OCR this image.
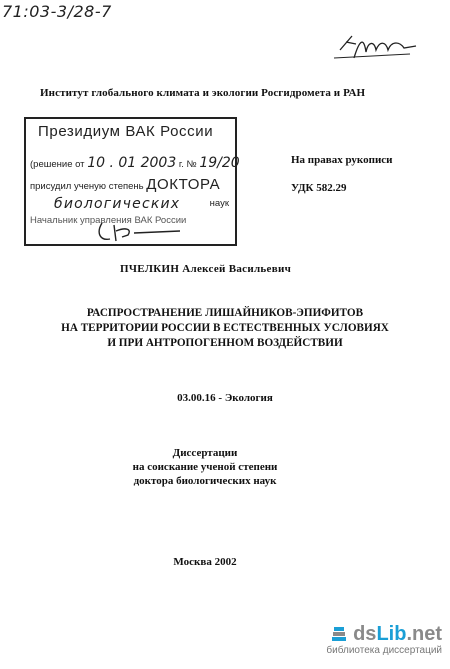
71:03-3/28-7
Институт глобального климата и экологии Росгидромета и РАН
Президиум ВАК России
(решение от 10 . 01 2003 г. № 19/20
присудил ученую степень ДОКТОРА
биологических	наук
Начальник управления ВАК России
На правах рукописи
УДК 582.29
ПЧЕЛКИН Алексей Васильевич
РАСПРОСТРАНЕНИЕ ЛИШАЙНИКОВ-ЭПИФИТОВ
НА ТЕРРИТОРИИ РОССИИ В ЕСТЕСТВЕННЫХ УСЛОВИЯХ
И ПРИ АНТРОПОГЕННОМ ВОЗДЕЙСТВИИ
03.00.16 - Экология
Диссертации
на соискание ученой степени
доктора биологических наук
Москва 2002
ds Lib .net
библиотека диссертаций
